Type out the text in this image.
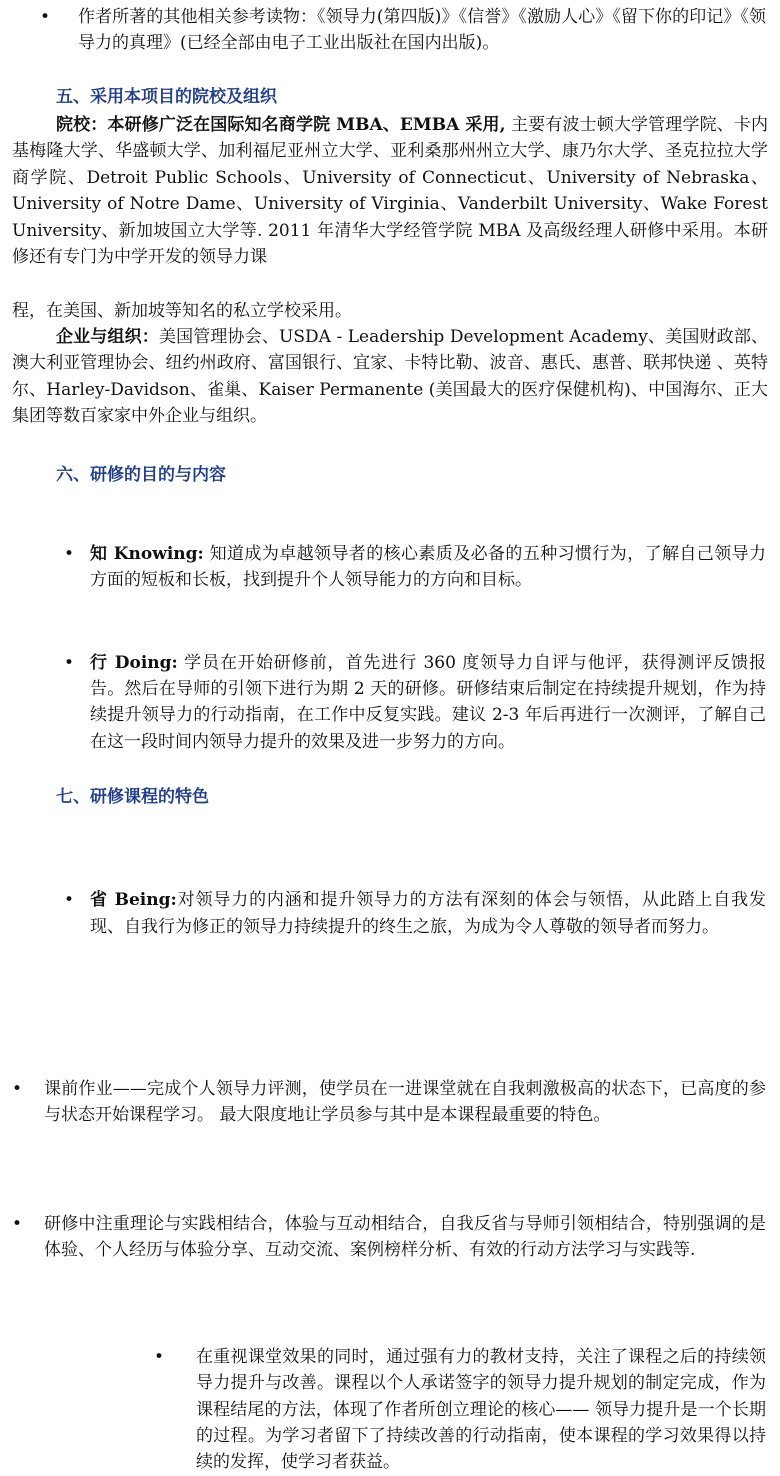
• 作者所著的其他相关参考读物：《领导力(第四版)》《信誉》《激励人心》《留下你的印记》《领导力的真理》(已经全部由电子工业出版社在国内出版)。

五、采用本项目的院校及组织

院校：本研修广泛在国际知名商学院 MBA、EMBA 采用, 主要有波士顿大学管理学院、卡内基梅隆大学、华盛顿大学、加利福尼亚州立大学、亚利桑那州州立大学、康乃尔大学、圣克拉拉大学商学院、Detroit Public Schools、University of Connecticut、University of Nebraska、University of Notre Dame、University of Virginia、Vanderbilt University、Wake Forest University、新加坡国立大学等. 2011 年清华大学经管学院 MBA 及高级经理人研修中采用。本研修还有专门为中学开发的领导力课

程，在美国、新加坡等知名的私立学校采用。

企业与组织：美国管理协会、USDA - Leadership Development Academy、美国财政部、澳大利亚管理协会、纽约州政府、富国银行、宜家、卡特比勒、波音、惠氏、惠普、联邦快递 、英特尔、Harley-Davidson、雀巢、Kaiser Permanente (美国最大的医疗保健机构)、中国海尔、正大集团等数百家家中外企业与组织。

六、研修的目的与内容

• 知 Knowing: 知道成为卓越领导者的核心素质及必备的五种习惯行为，了解自己领导力方面的短板和长板，找到提升个人领导能力的方向和目标。

• 行 Doing: 学员在开始研修前，首先进行 360 度领导力自评与他评，获得测评反馈报告。然后在导师的引领下进行为期 2 天的研修。研修结束后制定在持续提升规划，作为持续提升领导力的行动指南，在工作中反复实践。建议 2-3 年后再进行一次测评，了解自己在这一段时间内领导力提升的效果及进一步努力的方向。

• 省 Being:对领导力的内涵和提升领导力的方法有深刻的体会与领悟，从此踏上自我发现、自我行为修正的领导力持续提升的终生之旅，为成为令人尊敬的领导者而努力。

七、研修课程的特色

• 课前作业——完成个人领导力评测，使学员在一进课堂就在自我刺激极高的状态下，已高度的参与状态开始课程学习。 最大限度地让学员参与其中是本课程最重要的特色。

• 研修中注重理论与实践相结合，体验与互动相结合，自我反省与导师引领相结合，特别强调的是体验、个人经历与体验分享、互动交流、案例榜样分析、有效的行动方法学习与实践等.

• 在重视课堂效果的同时，通过强有力的教材支持，关注了课程之后的持续领导力提升与改善。课程以个人承诺签字的领导力提升规划的制定完成，作为课程结尾的方法，体现了作者所创立理论的核心—— 领导力提升是一个长期的过程。为学习者留下了持续改善的行动指南，使本课程的学习效果得以持续的发挥，使学习者获益。
